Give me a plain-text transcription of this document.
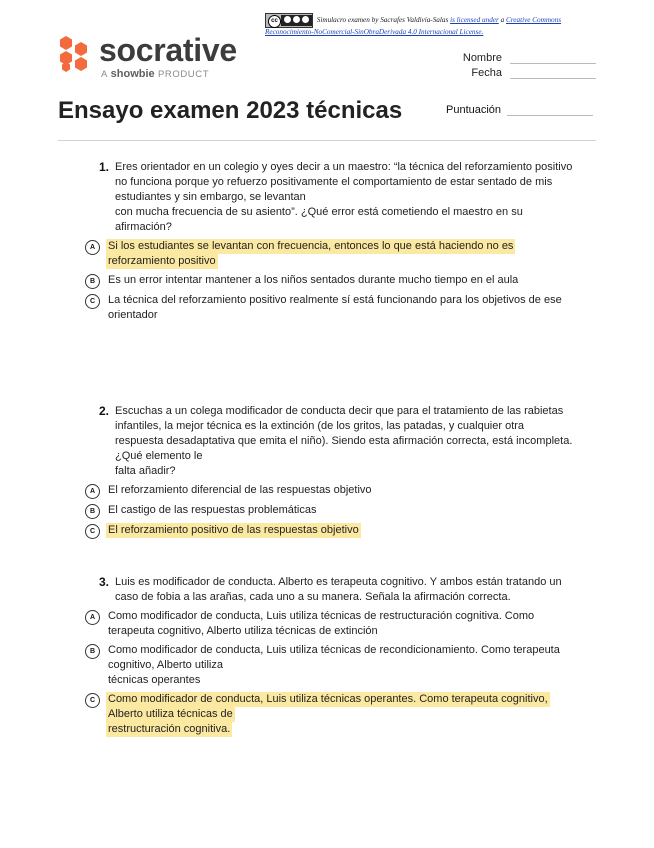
cc	Simulacro examen by Sacrafes Valdivia-Salas is licensed under a Creative Commons
Reconocimiento-NoComercial-SinObraDerivada 4.0 Internacional License.
socrative
A showbie PRODUCT
Nombre
Fecha
Ensayo examen 2023 técnicas	Puntuación
1. Eres orientador en un colegio y oyes decir a un maestro: “la técnica del reforzamiento positivo
no funciona porque yo refuerzo positivamente el comportamiento de estar sentado de mis
estudiantes y sin embargo, se levantan
con mucha frecuencia de su asiento”. ¿Qué error está cometiendo el maestro en su
afirmación?
A	Si los estudiantes se levantan con frecuencia, entonces lo que está haciendo no es
reforzamiento positivo
B	Es un error intentar mantener a los niños sentados durante mucho tiempo en el aula
C	La técnica del reforzamiento positivo realmente sí está funcionando para los objetivos de ese
orientador
2. Escuchas a un colega modificador de conducta decir que para el tratamiento de las rabietas
infantiles, la mejor técnica es la extinción (de los gritos, las patadas, y cualquier otra
respuesta desadaptativa que emita el niño). Siendo esta afirmación correcta, está incompleta.
¿Qué elemento le
falta añadir?
A	El reforzamiento diferencial de las respuestas objetivo
B	El castigo de las respuestas problemáticas
C	El reforzamiento positivo de las respuestas objetivo
3. Luis es modificador de conducta. Alberto es terapeuta cognitivo. Y ambos están tratando un
caso de fobia a las arañas, cada uno a su manera. Señala la afirmación correcta.
A	Como modificador de conducta, Luis utiliza técnicas de restructuración cognitiva. Como
terapeuta cognitivo, Alberto utiliza técnicas de extinción
B	Como modificador de conducta, Luis utiliza técnicas de recondicionamiento. Como terapeuta
cognitivo, Alberto utiliza
técnicas operantes
C	Como modificador de conducta, Luis utiliza técnicas operantes. Como terapeuta cognitivo,
Alberto utiliza técnicas de
restructuración cognitiva.
